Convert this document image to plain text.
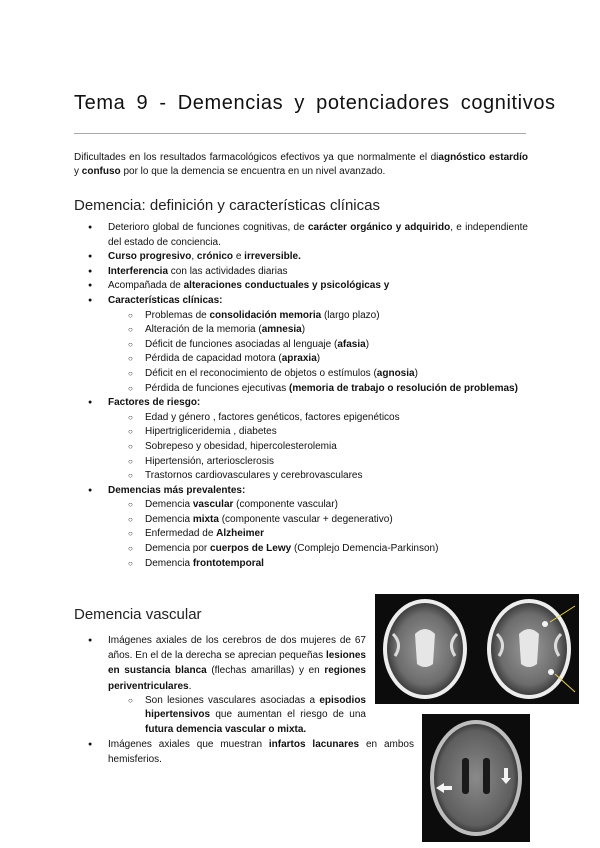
Tema 9 - Demencias y potenciadores cognitivos

Dificultades en los resultados farmacológicos efectivos ya que normalmente el diagnóstico estardío y confuso por lo que la demencia se encuentra en un nivel avanzado.

Demencia: definición y características clínicas
● Deterioro global de funciones cognitivas, de carácter orgánico y adquirido, e independiente del estado de conciencia.
● Curso progresivo, crónico e irreversible.
● Interferencia con las actividades diarias
● Acompañada de alteraciones conductuales y psicológicas y
● Características clínicas:
○ Problemas de consolidación memoria (largo plazo)
○ Alteración de la memoria (amnesia)
○ Déficit de funciones asociadas al lenguaje (afasia)
○ Pérdida de capacidad motora (apraxia)
○ Déficit en el reconocimiento de objetos o estímulos (agnosia)
○ Pérdida de funciones ejecutivas (memoria de trabajo o resolución de problemas)
● Factores de riesgo:
○ Edad y género , factores genéticos, factores epigenéticos
○ Hipertrigliceridemia , diabetes
○ Sobrepeso y obesidad, hipercolesterolemia
○ Hipertensión, arteriosclerosis
○ Trastornos cardiovasculares y cerebrovasculares
● Demencias más prevalentes:
○ Demencia vascular (componente vascular)
○ Demencia mixta (componente vascular + degenerativo)
○ Enfermedad de Alzheimer
○ Demencia por cuerpos de Lewy (Complejo Demencia-Parkinson)
○ Demencia frontotemporal
Demencia vascular
● Imágenes axiales de los cerebros de dos mujeres de 67 años. En el de la derecha se aprecian pequeñas lesiones en sustancia blanca (flechas amarillas) y en regiones periventriculares.
○ Son lesiones vasculares asociadas a episodios hipertensivos que aumentan el riesgo de una futura demencia vascular o mixta.
● Imágenes axiales que muestran infartos lacunares en ambos hemisferios.
